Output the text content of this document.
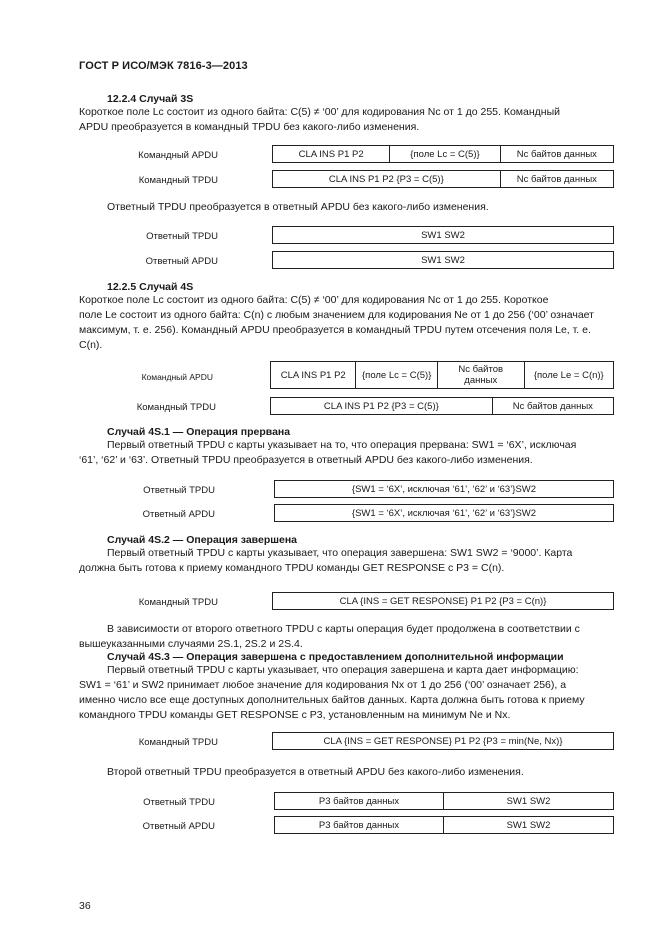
ГОСТ Р ИСО/МЭК 7816-3—2013
12.2.4 Случай 3S
Короткое поле Lc состоит из одного байта: C(5) ≠ ‘00’ для кодирования Nc от 1 до 255. Командный
APDU преобразуется в командный TPDU без какого-либо изменения.
Командный APDU	CLA INS P1 P2	{поле Lc = C(5)}	Nc байтов данных
Командный TPDU	CLA INS P1 P2 {P3 = C(5)}	Nc байтов данных
Ответный TPDU преобразуется в ответный APDU без какого-либо изменения.
Ответный TPDU	SW1 SW2
Ответный APDU	SW1 SW2
12.2.5 Случай 4S
Короткое поле Lc состоит из одного байта: C(5) ≠ ‘00’ для кодирования Nc от 1 до 255. Короткое
поле Le состоит из одного байта: C(n) с любым значением для кодирования Ne от 1 до 256 (‘00’ означает
максимум, т. е. 256). Командный APDU преобразуется в командный TPDU путем отсечения поля Le, т. е.
C(n).
Командный APDU	CLA INS P1 P2	{поле Lc = C(5)}	Nc байтов данных	{поле Le = C(n)}
Командный TPDU	CLA INS P1 P2 {P3 = C(5)}	Nc байтов данных
Случай 4S.1 — Операция прервана
Первый ответный TPDU с карты указывает на то, что операция прервана: SW1 = ‘6X’, исключая
‘61’, ‘62’ и ‘63’. Ответный TPDU преобразуется в ответный APDU без какого-либо изменения.
Ответный TPDU	{SW1 = ‘6X’, исключая ‘61’, ‘62’ и ‘63’}SW2
Ответный APDU	{SW1 = ‘6X’, исключая ‘61’, ‘62’ и ‘63’}SW2
Случай 4S.2 — Операция завершена
Первый ответный TPDU с карты указывает, что операция завершена: SW1 SW2 = ‘9000’. Карта
должна быть готова к приему командного TPDU команды GET RESPONSE с P3 = C(n).
Командный TPDU	CLA {INS = GET RESPONSE} P1 P2 {P3 = C(n)}
В зависимости от второго ответного TPDU с карты операция будет продолжена в соответствии с
вышеуказанными случаями 2S.1, 2S.2 и 2S.4.
Случай 4S.3 — Операция завершена с предоставлением дополнительной информации
Первый ответный TPDU с карты указывает, что операция завершена и карта дает информацию:
SW1 = ‘61’ и SW2 принимает любое значение для кодирования Nx от 1 до 256 (‘00’ означает 256), а
именно число все еще доступных дополнительных байтов данных. Карта должна быть готова к приему
командного TPDU команды GET RESPONSE с P3, установленным на минимум Ne и Nx.
Командный TPDU	CLA {INS = GET RESPONSE} P1 P2 {P3 = min(Ne, Nx)}
Второй ответный TPDU преобразуется в ответный APDU без какого-либо изменения.
Ответный TPDU	P3 байтов данных	SW1 SW2
Ответный APDU	P3 байтов данных	SW1 SW2
36
